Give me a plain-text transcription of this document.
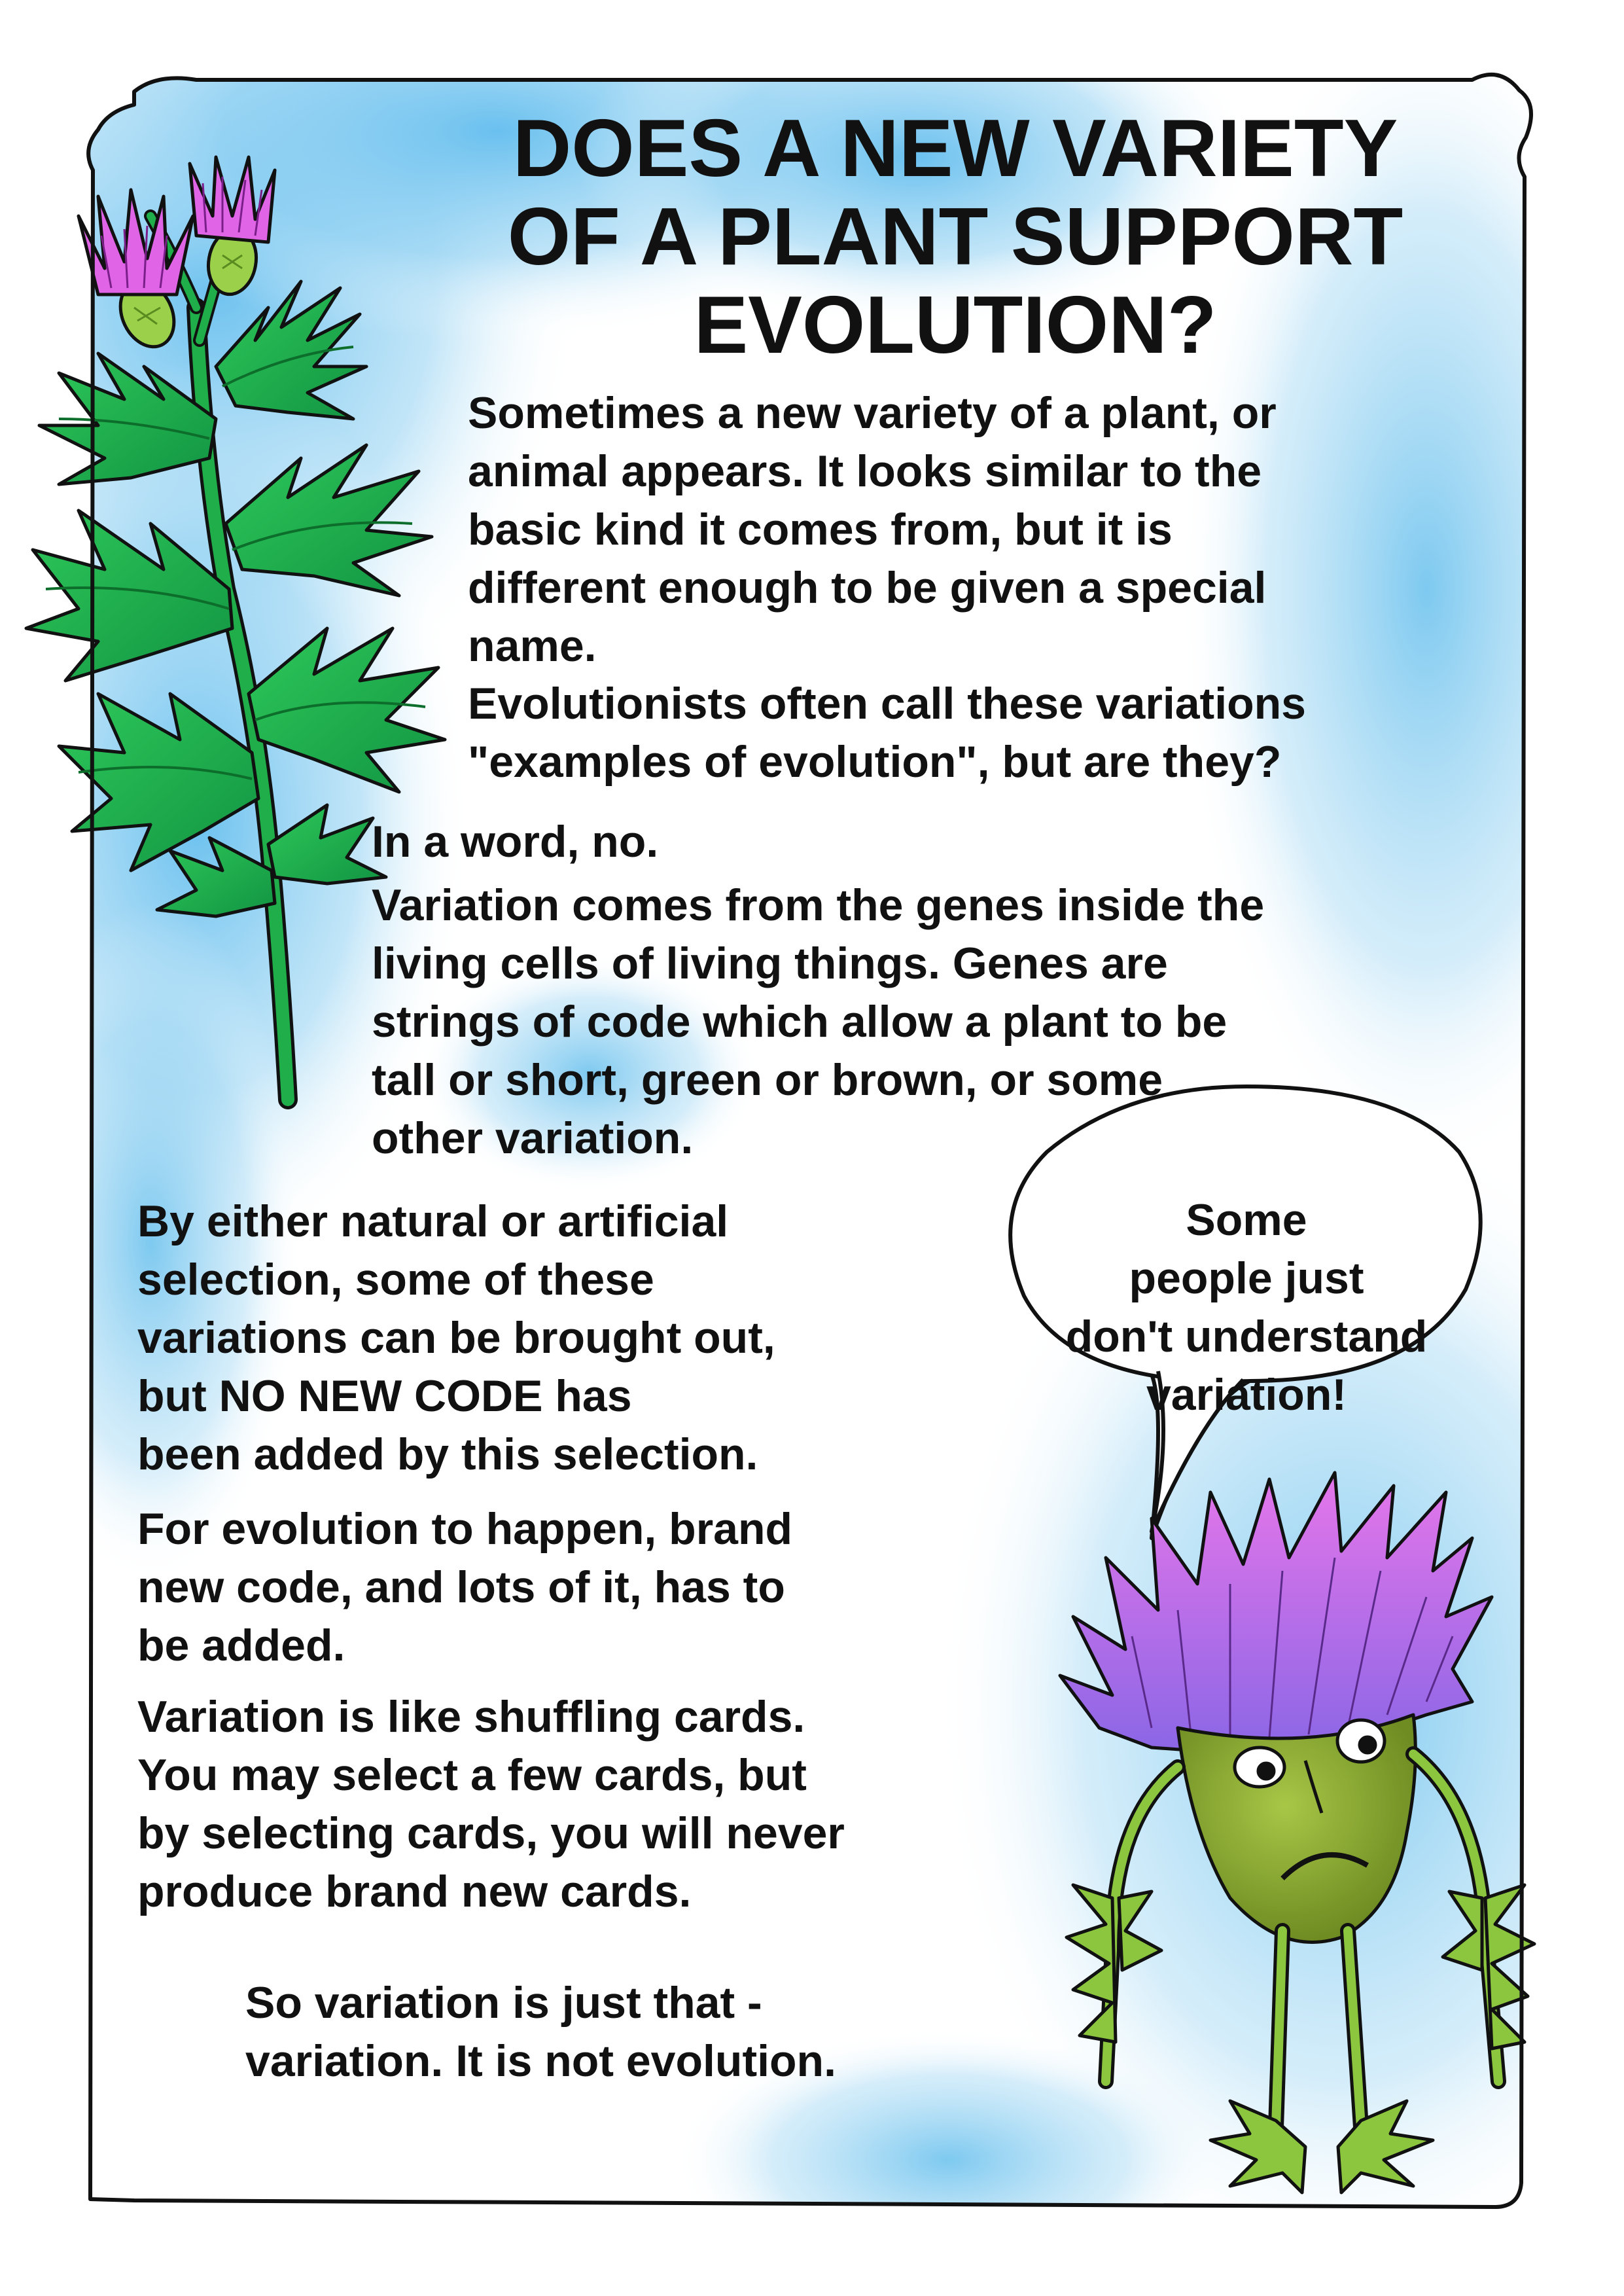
DOES A NEW VARIETY
OF A PLANT SUPPORT
EVOLUTION?
Sometimes a new variety of a plant, or
animal appears. It looks similar to the
basic kind it comes from, but it is
different enough to be given a special
name.
Evolutionists often call these variations
"examples of evolution", but are they?
In a word, no.
Variation comes from the genes inside the
living cells of living things. Genes are
strings of code which allow a plant to be
tall or short, green or brown, or some
other variation.
By either natural or artificial
selection, some of these
variations can be brought out,
but NO NEW CODE has
been added by this selection.
For evolution to happen, brand
new code, and lots of it, has to
be added.
Variation is like shuffling cards.
You may select a few cards, but
by selecting cards, you will never
produce brand new cards.
So variation is just that -
variation. It is not evolution.
Some
people just
don't understand
variation!
